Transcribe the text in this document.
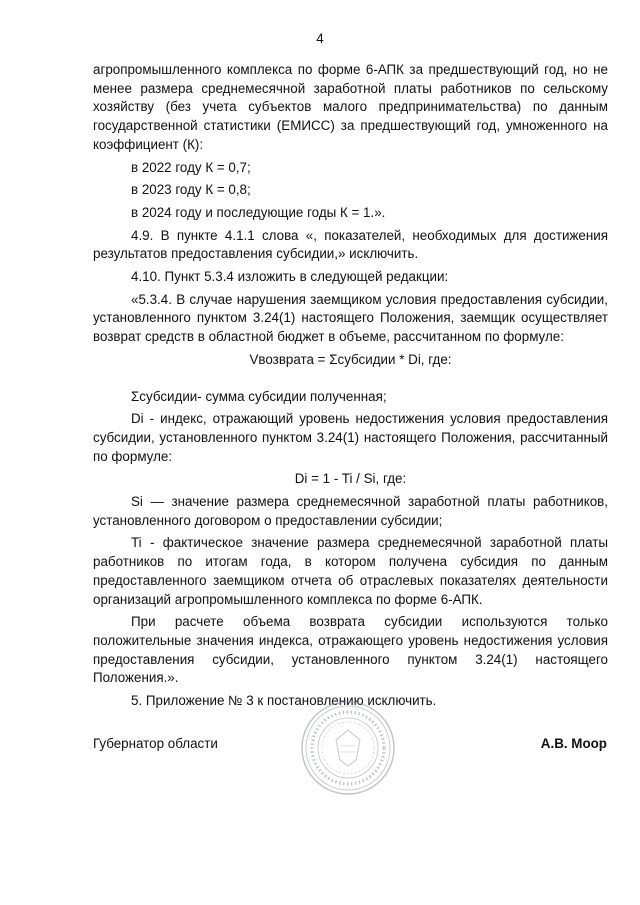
4

агропромышленного комплекса по форме 6-АПК за предшествующий год, но не менее размера среднемесячной заработной платы работников по сельскому хозяйству (без учета субъектов малого предпринимательства) по данным государственной статистики (ЕМИСС) за предшествующий год, умноженного на коэффициент (К):

в 2022 году К = 0,7;

в 2023 году К = 0,8;

в 2024 году и последующие годы К = 1.».

4.9. В пункте 4.1.1 слова «, показателей, необходимых для достижения результатов предоставления субсидии,» исключить.

4.10. Пункт 5.3.4 изложить в следующей редакции:

«5.3.4. В случае нарушения заемщиком условия предоставления субсидии, установленного пунктом 3.24(1) настоящего Положения, заемщик осуществляет возврат средств в областной бюджет в объеме, рассчитанном по формуле:

Vвозврата = Σсубсидии * Di, где:

Σсубсидии- сумма субсидии полученная;

Di - индекс, отражающий уровень недостижения условия предоставления субсидии, установленного пунктом 3.24(1) настоящего Положения, рассчитанный по формуле:

Di = 1 - Ti / Si, где:

Si — значение размера среднемесячной заработной платы работников, установленного договором о предоставлении субсидии;

Ti - фактическое значение размера среднемесячной заработной платы работников по итогам года, в котором получена субсидия по данным предоставленного заемщиком отчета об отраслевых показателях деятельности организаций агропромышленного комплекса по форме 6-АПК.

При расчете объема возврата субсидии используются только положительные значения индекса, отражающего уровень недостижения условия предоставления субсидии, установленного пунктом 3.24(1) настоящего Положения.».

5. Приложение № 3 к постановлению исключить.

Губернатор области	А.В. Моор
